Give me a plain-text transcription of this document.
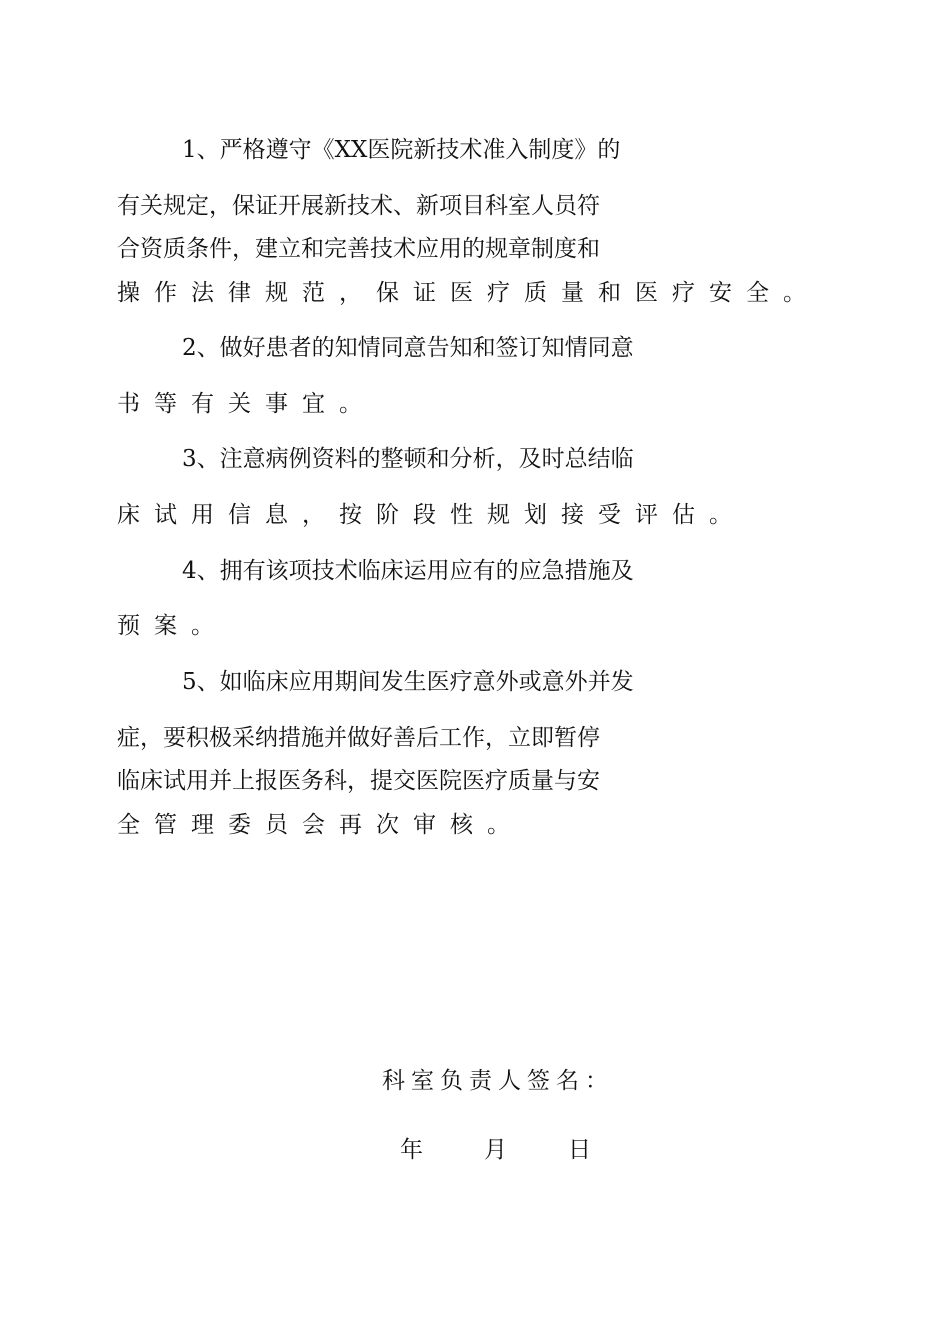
1、严格遵守《XX医院新技术准入制度》的
有关规定，保证开展新技术、新项目科室人员符
合资质条件，建立和完善技术应用的规章制度和
操作法律规范，保证医疗质量和医疗安全。
2、做好患者的知情同意告知和签订知情同意
书等有关事宜。
3、注意病例资料的整顿和分析，及时总结临
床试用信息，按阶段性规划接受评估。
4、拥有该项技术临床运用应有的应急措施及
预案。
5、如临床应用期间发生医疗意外或意外并发
症，要积极采纳措施并做好善后工作，立即暂停
临床试用并上报医务科，提交医院医疗质量与安
全管理委员会再次审核。
科室负责人签名：
年	月	日
